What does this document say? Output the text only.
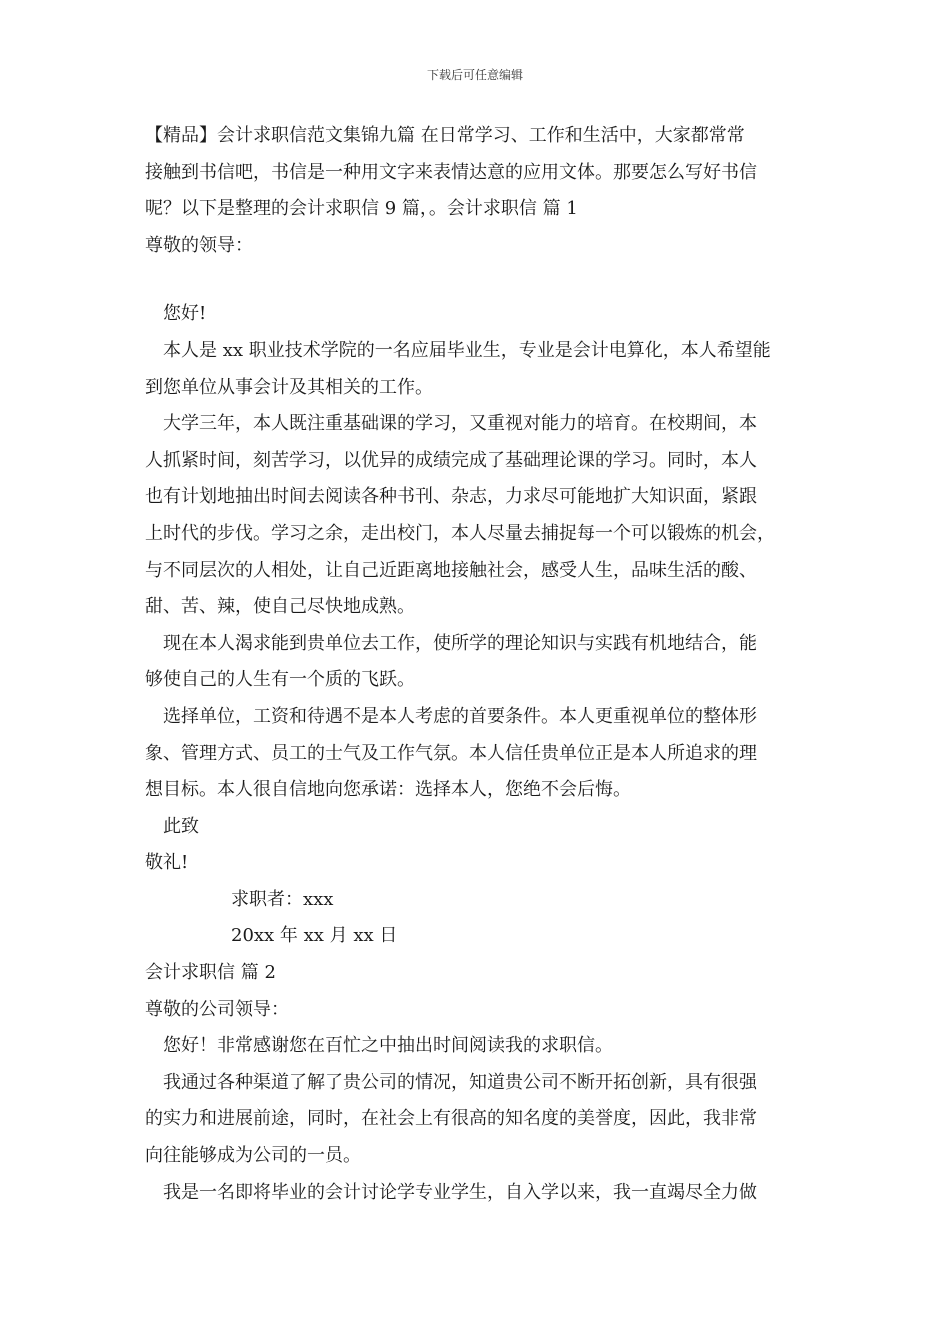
下载后可任意编辑
【精品】会计求职信范文集锦九篇 在日常学习、工作和生活中，大家都常常
接触到书信吧，书信是一种用文字来表情达意的应用文体。那要怎么写好书信
呢？以下是整理的会计求职信 9 篇，。会计求职信 篇 1
尊敬的领导：
您好!
本人是 xx 职业技术学院的一名应届毕业生，专业是会计电算化，本人希望能
到您单位从事会计及其相关的工作。
大学三年，本人既注重基础课的学习，又重视对能力的培育。在校期间，本
人抓紧时间，刻苦学习，以优异的成绩完成了基础理论课的学习。同时，本人
也有计划地抽出时间去阅读各种书刊、杂志，力求尽可能地扩大知识面，紧跟
上时代的步伐。学习之余，走出校门，本人尽量去捕捉每一个可以锻炼的机会，
与不同层次的人相处，让自己近距离地接触社会，感受人生，品味生活的酸、
甜、苦、辣，使自己尽快地成熟。
现在本人渴求能到贵单位去工作，使所学的理论知识与实践有机地结合，能
够使自己的人生有一个质的飞跃。
选择单位，工资和待遇不是本人考虑的首要条件。本人更重视单位的整体形
象、管理方式、员工的士气及工作气氛。本人信任贵单位正是本人所追求的理
想目标。本人很自信地向您承诺：选择本人，您绝不会后悔。
此致
敬礼!
求职者：xxx
20xx 年 xx 月 xx 日
会计求职信 篇 2
尊敬的公司领导：
您好！非常感谢您在百忙之中抽出时间阅读我的求职信。
我通过各种渠道了解了贵公司的情况，知道贵公司不断开拓创新，具有很强
的实力和进展前途，同时，在社会上有很高的知名度的美誉度，因此，我非常
向往能够成为公司的一员。
我是一名即将毕业的会计讨论学专业学生，自入学以来，我一直竭尽全力做
